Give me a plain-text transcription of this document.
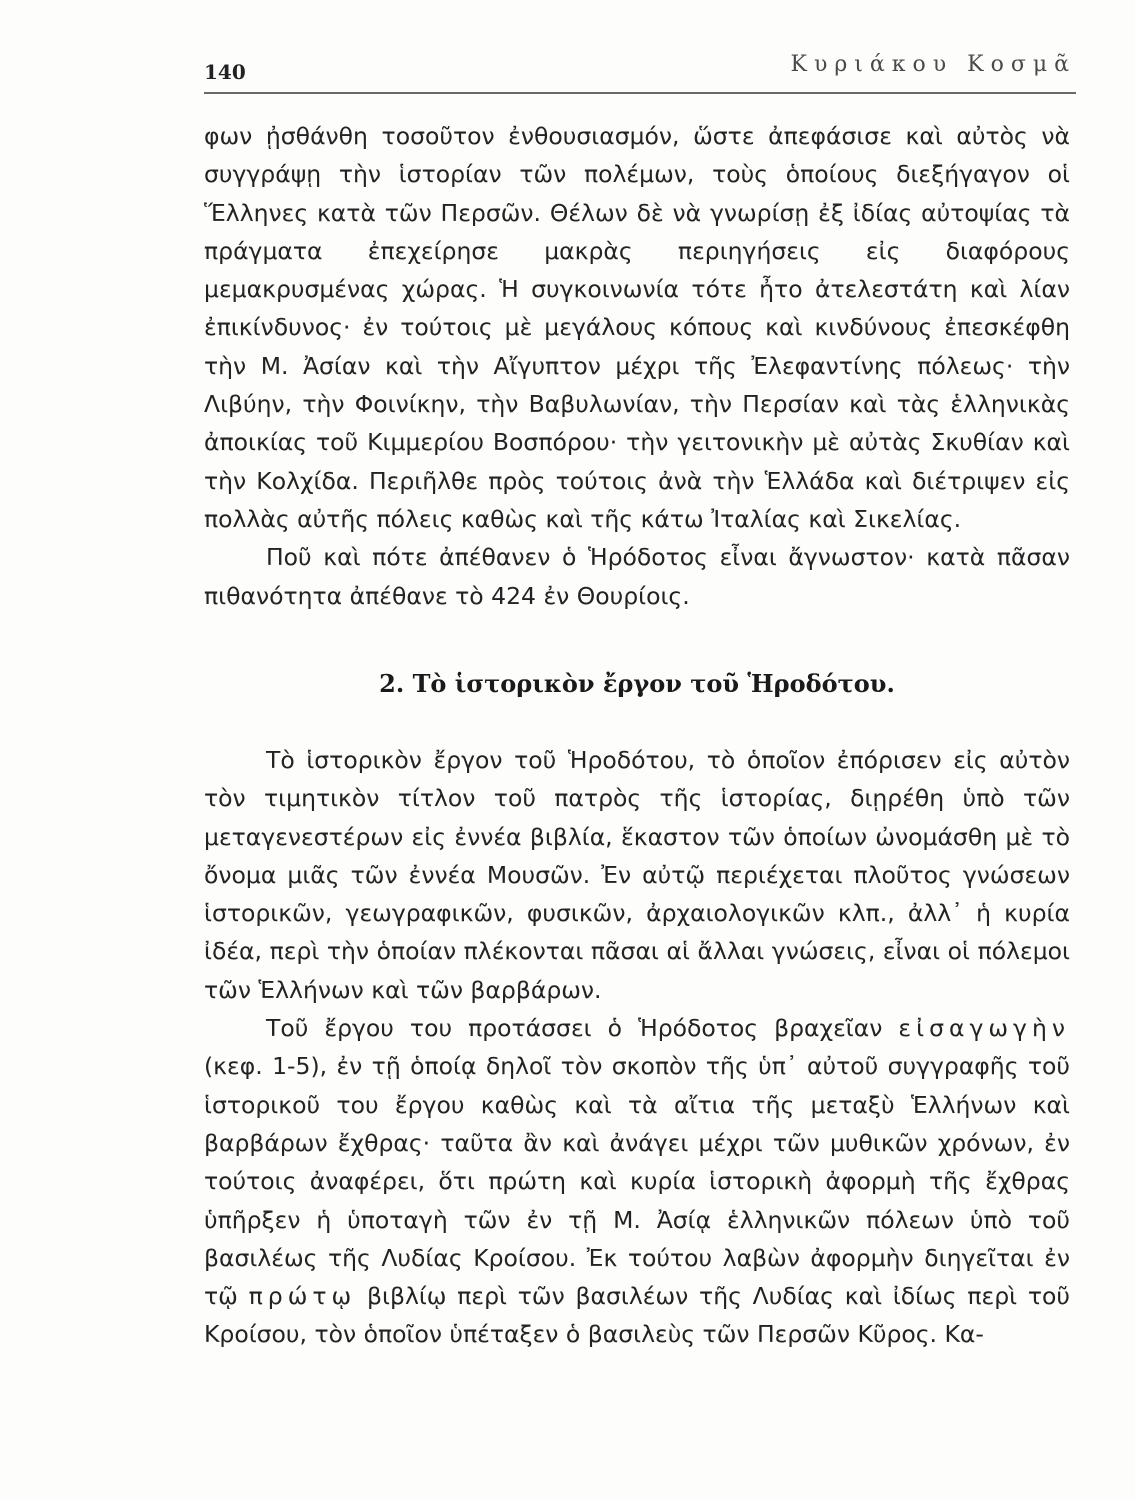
140	Κυριάκου Κοσμᾶ

φων ᾐσθάνθη τοσοῦτον ἐνθουσιασμόν, ὥστε ἀπεφάσισε καὶ αὐτὸς νὰ συγγράψῃ τὴν ἱστορίαν τῶν πολέμων, τοὺς ὁποίους διεξήγαγον οἱ Ἕλληνες κατὰ τῶν Περσῶν. Θέλων δὲ νὰ γνωρίσῃ ἐξ ἰδίας αὐτοψίας τὰ πράγματα ἐπεχείρησε μακρὰς περιηγήσεις εἰς διαφόρους μεμακρυσμένας χώρας. Ἡ συγκοινωνία τότε ἦτο ἀτελεστάτη καὶ λίαν ἐπικίνδυνος· ἐν τούτοις μὲ μεγάλους κόπους καὶ κινδύνους ἐπεσκέφθη τὴν Μ. Ἀσίαν καὶ τὴν Αἴγυπτον μέχρι τῆς Ἐλεφαντίνης πόλεως· τὴν Λιβύην, τὴν Φοινίκην, τὴν Βαβυλωνίαν, τὴν Περσίαν καὶ τὰς ἑλληνικὰς ἀποικίας τοῦ Κιμμερίου Βοσπόρου· τὴν γειτονικὴν μὲ αὐτὰς Σκυθίαν καὶ τὴν Κολχίδα. Περιῆλθε πρὸς τούτοις ἀνὰ τὴν Ἑλλάδα καὶ διέτριψεν εἰς πολλὰς αὐτῆς πόλεις καθὼς καὶ τῆς κάτω Ἰταλίας καὶ Σικελίας.

Ποῦ καὶ πότε ἀπέθανεν ὁ Ἡρόδοτος εἶναι ἄγνωστον· κατὰ πᾶσαν πιθανότητα ἀπέθανε τὸ 424 ἐν Θουρίοις.

2. Τὸ ἱστορικὸν ἔργον τοῦ Ἡροδότου.

Τὸ ἱστορικὸν ἔργον τοῦ Ἡροδότου, τὸ ὁποῖον ἐπόρισεν εἰς αὐτὸν τὸν τιμητικὸν τίτλον τοῦ πατρὸς τῆς ἱστορίας, διῃρέθη ὑπὸ τῶν μεταγενεστέρων εἰς ἐννέα βιβλία, ἕκαστον τῶν ὁποίων ὠνομάσθη μὲ τὸ ὄνομα μιᾶς τῶν ἐννέα Μουσῶν. Ἐν αὐτῷ περιέχεται πλοῦτος γνώσεων ἱστορικῶν, γεωγραφικῶν, φυσικῶν, ἀρχαιολογικῶν κλπ., ἀλλ᾽ ἡ κυρία ἰδέα, περὶ τὴν ὁποίαν πλέκονται πᾶσαι αἱ ἄλλαι γνώσεις, εἶναι οἱ πόλεμοι τῶν Ἑλλήνων καὶ τῶν βαρβάρων.

Τοῦ ἔργου του προτάσσει ὁ Ἡρόδοτος βραχεῖαν εἰσαγωγὴν (κεφ. 1-5), ἐν τῇ ὁποίᾳ δηλοῖ τὸν σκοπὸν τῆς ὑπ᾽ αὐτοῦ συγγραφῆς τοῦ ἱστορικοῦ του ἔργου καθὼς καὶ τὰ αἴτια τῆς μεταξὺ Ἑλλήνων καὶ βαρβάρων ἔχθρας· ταῦτα ἂν καὶ ἀνάγει μέχρι τῶν μυθικῶν χρόνων, ἐν τούτοις ἀναφέρει, ὅτι πρώτη καὶ κυρία ἱστορικὴ ἀφορμὴ τῆς ἔχθρας ὑπῆρξεν ἡ ὑποταγὴ τῶν ἐν τῇ Μ. Ἀσίᾳ ἑλληνικῶν πόλεων ὑπὸ τοῦ βασιλέως τῆς Λυδίας Κροίσου. Ἐκ τούτου λαβὼν ἀφορμὴν διηγεῖται ἐν τῷ πρώτῳ βιβλίῳ περὶ τῶν βασιλέων τῆς Λυδίας καὶ ἰδίως περὶ τοῦ Κροίσου, τὸν ὁποῖον ὑπέταξεν ὁ βασιλεὺς τῶν Περσῶν Κῦρος. Κα-
